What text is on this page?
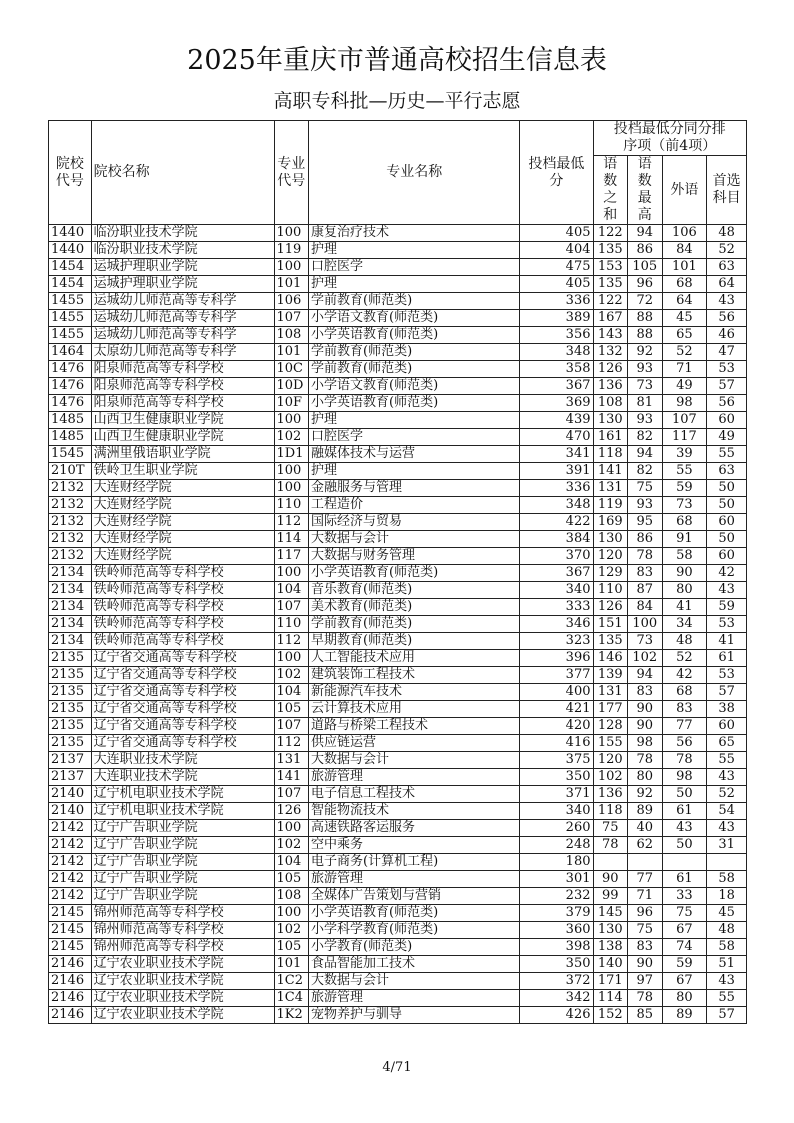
2025年重庆市普通高校招生信息表
高职专科批—历史—平行志愿
院校代号	院校名称	专业代号	专业名称	投档最低分	投档最低分同分排序项（前4项）			
					语数之和	语数最高	外语	首选科目
1440	临汾职业技术学院	100	康复治疗技术	405	122	94	106	48
1440	临汾职业技术学院	119	护理	404	135	86	84	52
1454	运城护理职业学院	100	口腔医学	475	153	105	101	63
1454	运城护理职业学院	101	护理	405	135	96	68	64
1455	运城幼儿师范高等专科学	106	学前教育(师范类)	336	122	72	64	43
1455	运城幼儿师范高等专科学	107	小学语文教育(师范类)	389	167	88	45	56
1455	运城幼儿师范高等专科学	108	小学英语教育(师范类)	356	143	88	65	46
1464	太原幼儿师范高等专科学	101	学前教育(师范类)	348	132	92	52	47
1476	阳泉师范高等专科学校	10C	学前教育(师范类)	358	126	93	71	53
1476	阳泉师范高等专科学校	10D	小学语文教育(师范类)	367	136	73	49	57
1476	阳泉师范高等专科学校	10F	小学英语教育(师范类)	369	108	81	98	56
1485	山西卫生健康职业学院	100	护理	439	130	93	107	60
1485	山西卫生健康职业学院	102	口腔医学	470	161	82	117	49
1545	满洲里俄语职业学院	1D1	融媒体技术与运营	341	118	94	39	55
210T	铁岭卫生职业学院	100	护理	391	141	82	55	63
2132	大连财经学院	100	金融服务与管理	336	131	75	59	50
2132	大连财经学院	110	工程造价	348	119	93	73	50
2132	大连财经学院	112	国际经济与贸易	422	169	95	68	60
2132	大连财经学院	114	大数据与会计	384	130	86	91	50
2132	大连财经学院	117	大数据与财务管理	370	120	78	58	60
2134	铁岭师范高等专科学校	100	小学英语教育(师范类)	367	129	83	90	42
2134	铁岭师范高等专科学校	104	音乐教育(师范类)	340	110	87	80	43
2134	铁岭师范高等专科学校	107	美术教育(师范类)	333	126	84	41	59
2134	铁岭师范高等专科学校	110	学前教育(师范类)	346	151	100	34	53
2134	铁岭师范高等专科学校	112	早期教育(师范类)	323	135	73	48	41
2135	辽宁省交通高等专科学校	100	人工智能技术应用	396	146	102	52	61
2135	辽宁省交通高等专科学校	102	建筑装饰工程技术	377	139	94	42	53
2135	辽宁省交通高等专科学校	104	新能源汽车技术	400	131	83	68	57
2135	辽宁省交通高等专科学校	105	云计算技术应用	421	177	90	83	38
2135	辽宁省交通高等专科学校	107	道路与桥梁工程技术	420	128	90	77	60
2135	辽宁省交通高等专科学校	112	供应链运营	416	155	98	56	65
2137	大连职业技术学院	131	大数据与会计	375	120	78	78	55
2137	大连职业技术学院	141	旅游管理	350	102	80	98	43
2140	辽宁机电职业技术学院	107	电子信息工程技术	371	136	92	50	52
2140	辽宁机电职业技术学院	126	智能物流技术	340	118	89	61	54
2142	辽宁广告职业学院	100	高速铁路客运服务	260	75	40	43	43
2142	辽宁广告职业学院	102	空中乘务	248	78	62	50	31
2142	辽宁广告职业学院	104	电子商务(计算机工程)	180				
2142	辽宁广告职业学院	105	旅游管理	301	90	77	61	58
2142	辽宁广告职业学院	108	全媒体广告策划与营销	232	99	71	33	18
2145	锦州师范高等专科学校	100	小学英语教育(师范类)	379	145	96	75	45
2145	锦州师范高等专科学校	102	小学科学教育(师范类)	360	130	75	67	48
2145	锦州师范高等专科学校	105	小学教育(师范类)	398	138	83	74	58
2146	辽宁农业职业技术学院	101	食品智能加工技术	350	140	90	59	51
2146	辽宁农业职业技术学院	1C2	大数据与会计	372	171	97	67	43
2146	辽宁农业职业技术学院	1C4	旅游管理	342	114	78	80	55
2146	辽宁农业职业技术学院	1K2	宠物养护与驯导	426	152	85	89	57
4/71
